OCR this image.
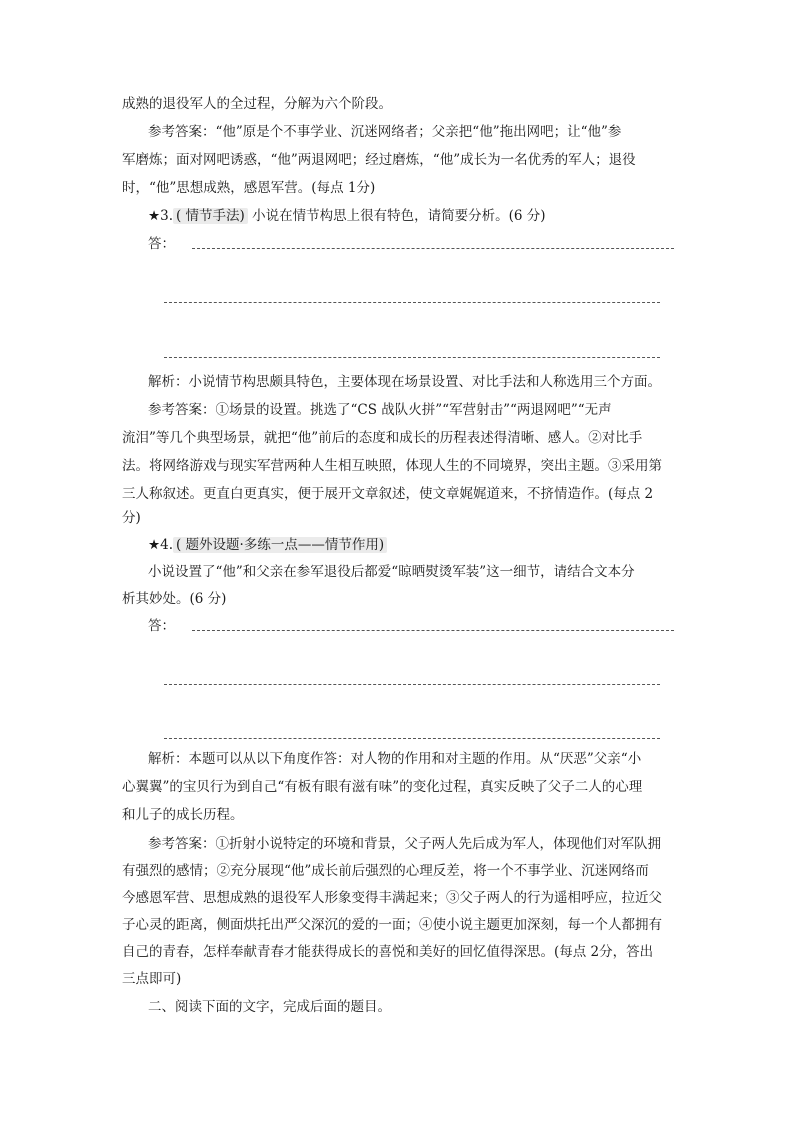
成熟的退役军人的全过程，分解为六个阶段。
参考答案：“他”原是个不事学业、沉迷网络者；父亲把“他”拖出网吧；让“他”参
军磨炼；面对网吧诱惑，“他”两退网吧；经过磨炼，“他”成长为一名优秀的军人；退役
时，“他”思想成熟，感恩军营。(每点 1分)
★3. ( 情节手法) 小说在情节构思上很有特色，请简要分析。(6 分)
答：
解析：小说情节构思颇具特色，主要体现在场景设置、对比手法和人称选用三个方面。
参考答案：①场景的设置。挑选了“CS 战队火拼”“军营射击”“两退网吧”“无声
流泪”等几个典型场景，就把“他”前后的态度和成长的历程表述得清晰、感人。②对比手
法。将网络游戏与现实军营两种人生相互映照，体现人生的不同境界，突出主题。③采用第
三人称叙述。更直白更真实，便于展开文章叙述，使文章娓娓道来，不挤情造作。(每点 2
分)
★4. ( 题外设题·多练一点——情节作用)
小说设置了“他”和父亲在参军退役后都爱“晾晒熨烫军装”这一细节，请结合文本分
析其妙处。(6 分)
答：
解析：本题可以从以下角度作答：对人物的作用和对主题的作用。从“厌恶”父亲“小
心翼翼”的宝贝行为到自己“有板有眼有滋有味”的变化过程，真实反映了父子二人的心理
和儿子的成长历程。
参考答案：①折射小说特定的环境和背景，父子两人先后成为军人，体现他们对军队拥
有强烈的感情；②充分展现“他”成长前后强烈的心理反差，将一个不事学业、沉迷网络而
今感恩军营、思想成熟的退役军人形象变得丰满起来；③父子两人的行为遥相呼应，拉近父
子心灵的距离，侧面烘托出严父深沉的爱的一面；④使小说主题更加深刻，每一个人都拥有
自己的青春，怎样奉献青春才能获得成长的喜悦和美好的回忆值得深思。(每点 2分，答出
三点即可)
二、阅读下面的文字，完成后面的题目。
